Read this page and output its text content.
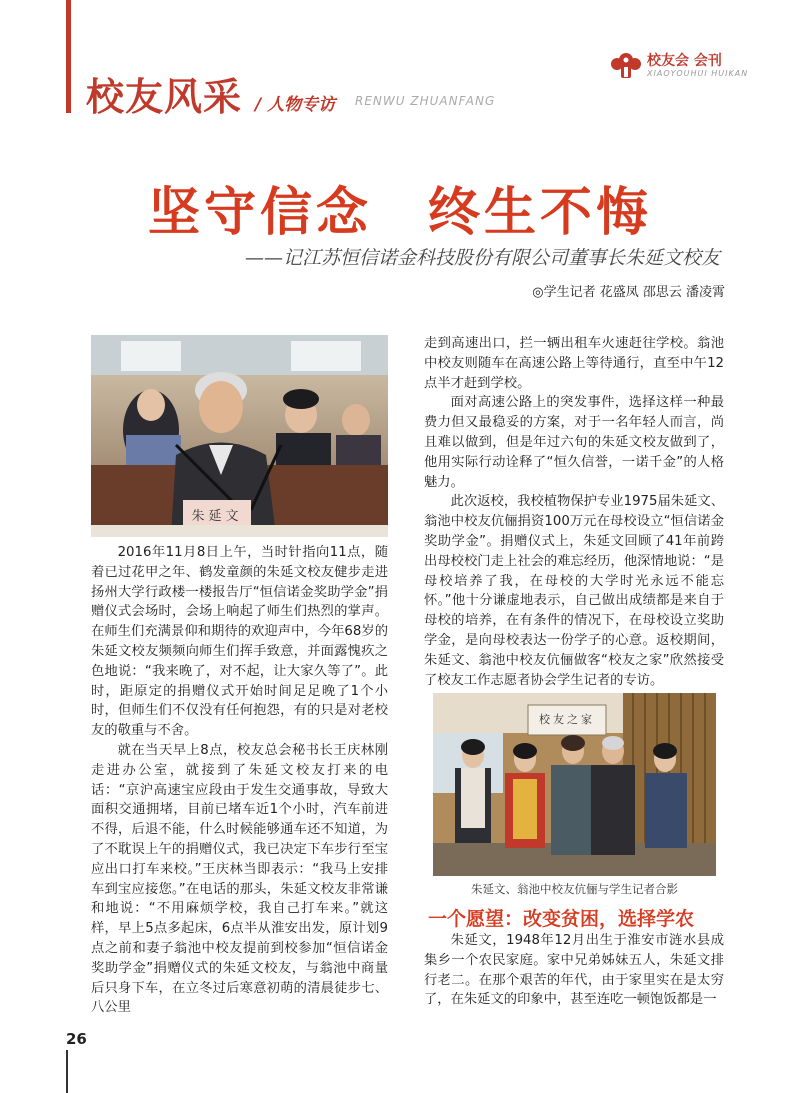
校友风采 / 人物专访 RENWU ZHUANFANG
校友会 会刊
XIAOYOUHUI HUIKAN
坚守信念　终生不悔
——记江苏恒信诺金科技股份有限公司董事长朱延文校友
◎学生记者 花盛凤 邵思云 潘凌霄
朱延文

2016年11月8日上午，当时针指向11点，随着已过花甲之年、鹤发童颜的朱延文校友健步走进扬州大学行政楼一楼报告厅“恒信诺金奖助学金”捐赠仪式会场时，会场上响起了师生们热烈的掌声。在师生们充满景仰和期待的欢迎声中，今年68岁的朱延文校友频频向师生们挥手致意，并面露愧疚之色地说：“我来晚了，对不起，让大家久等了”。此时，距原定的捐赠仪式开始时间足足晚了1个小时，但师生们不仅没有任何抱怨，有的只是对老校友的敬重与不舍。

就在当天早上8点，校友总会秘书长王庆林刚走进办公室，就接到了朱延文校友打来的电话：“京沪高速宝应段由于发生交通事故，导致大面积交通拥堵，目前已堵车近1个小时，汽车前进不得，后退不能，什么时候能够通车还不知道，为了不耽误上午的捐赠仪式，我已决定下车步行至宝应出口打车来校。”王庆林当即表示：“我马上安排车到宝应接您。”在电话的那头，朱延文校友非常谦和地说：“不用麻烦学校，我自己打车来。”就这样，早上5点多起床，6点半从淮安出发，原计划9点之前和妻子翁池中校友提前到校参加“恒信诺金奖助学金”捐赠仪式的朱延文校友，与翁池中商量后只身下车，在立冬过后寒意初萌的清晨徒步七、八公里

走到高速出口，拦一辆出租车火速赶往学校。翁池中校友则随车在高速公路上等待通行，直至中午12点半才赶到学校。

面对高速公路上的突发事件，选择这样一种最费力但又最稳妥的方案，对于一名年轻人而言，尚且难以做到，但是年过六旬的朱延文校友做到了，他用实际行动诠释了“恒久信誉，一诺千金”的人格魅力。

此次返校，我校植物保护专业1975届朱延文、翁池中校友伉俪捐资100万元在母校设立“恒信诺金奖助学金”。捐赠仪式上，朱延文回顾了41年前跨出母校校门走上社会的难忘经历，他深情地说：“是母校培养了我，在母校的大学时光永远不能忘怀。”他十分谦虚地表示，自己做出成绩都是来自于母校的培养，在有条件的情况下，在母校设立奖助学金，是向母校表达一份学子的心意。返校期间，朱延文、翁池中校友伉俪做客“校友之家”欣然接受了校友工作志愿者协会学生记者的专访。

校友之家
朱延文、翁池中校友伉俪与学生记者合影
一个愿望：改变贫困，选择学农

朱延文，1948年12月出生于淮安市涟水县成集乡一个农民家庭。家中兄弟姊妹五人，朱延文排行老二。在那个艰苦的年代，由于家里实在是太穷了，在朱延文的印象中，甚至连吃一顿饱饭都是一

26
